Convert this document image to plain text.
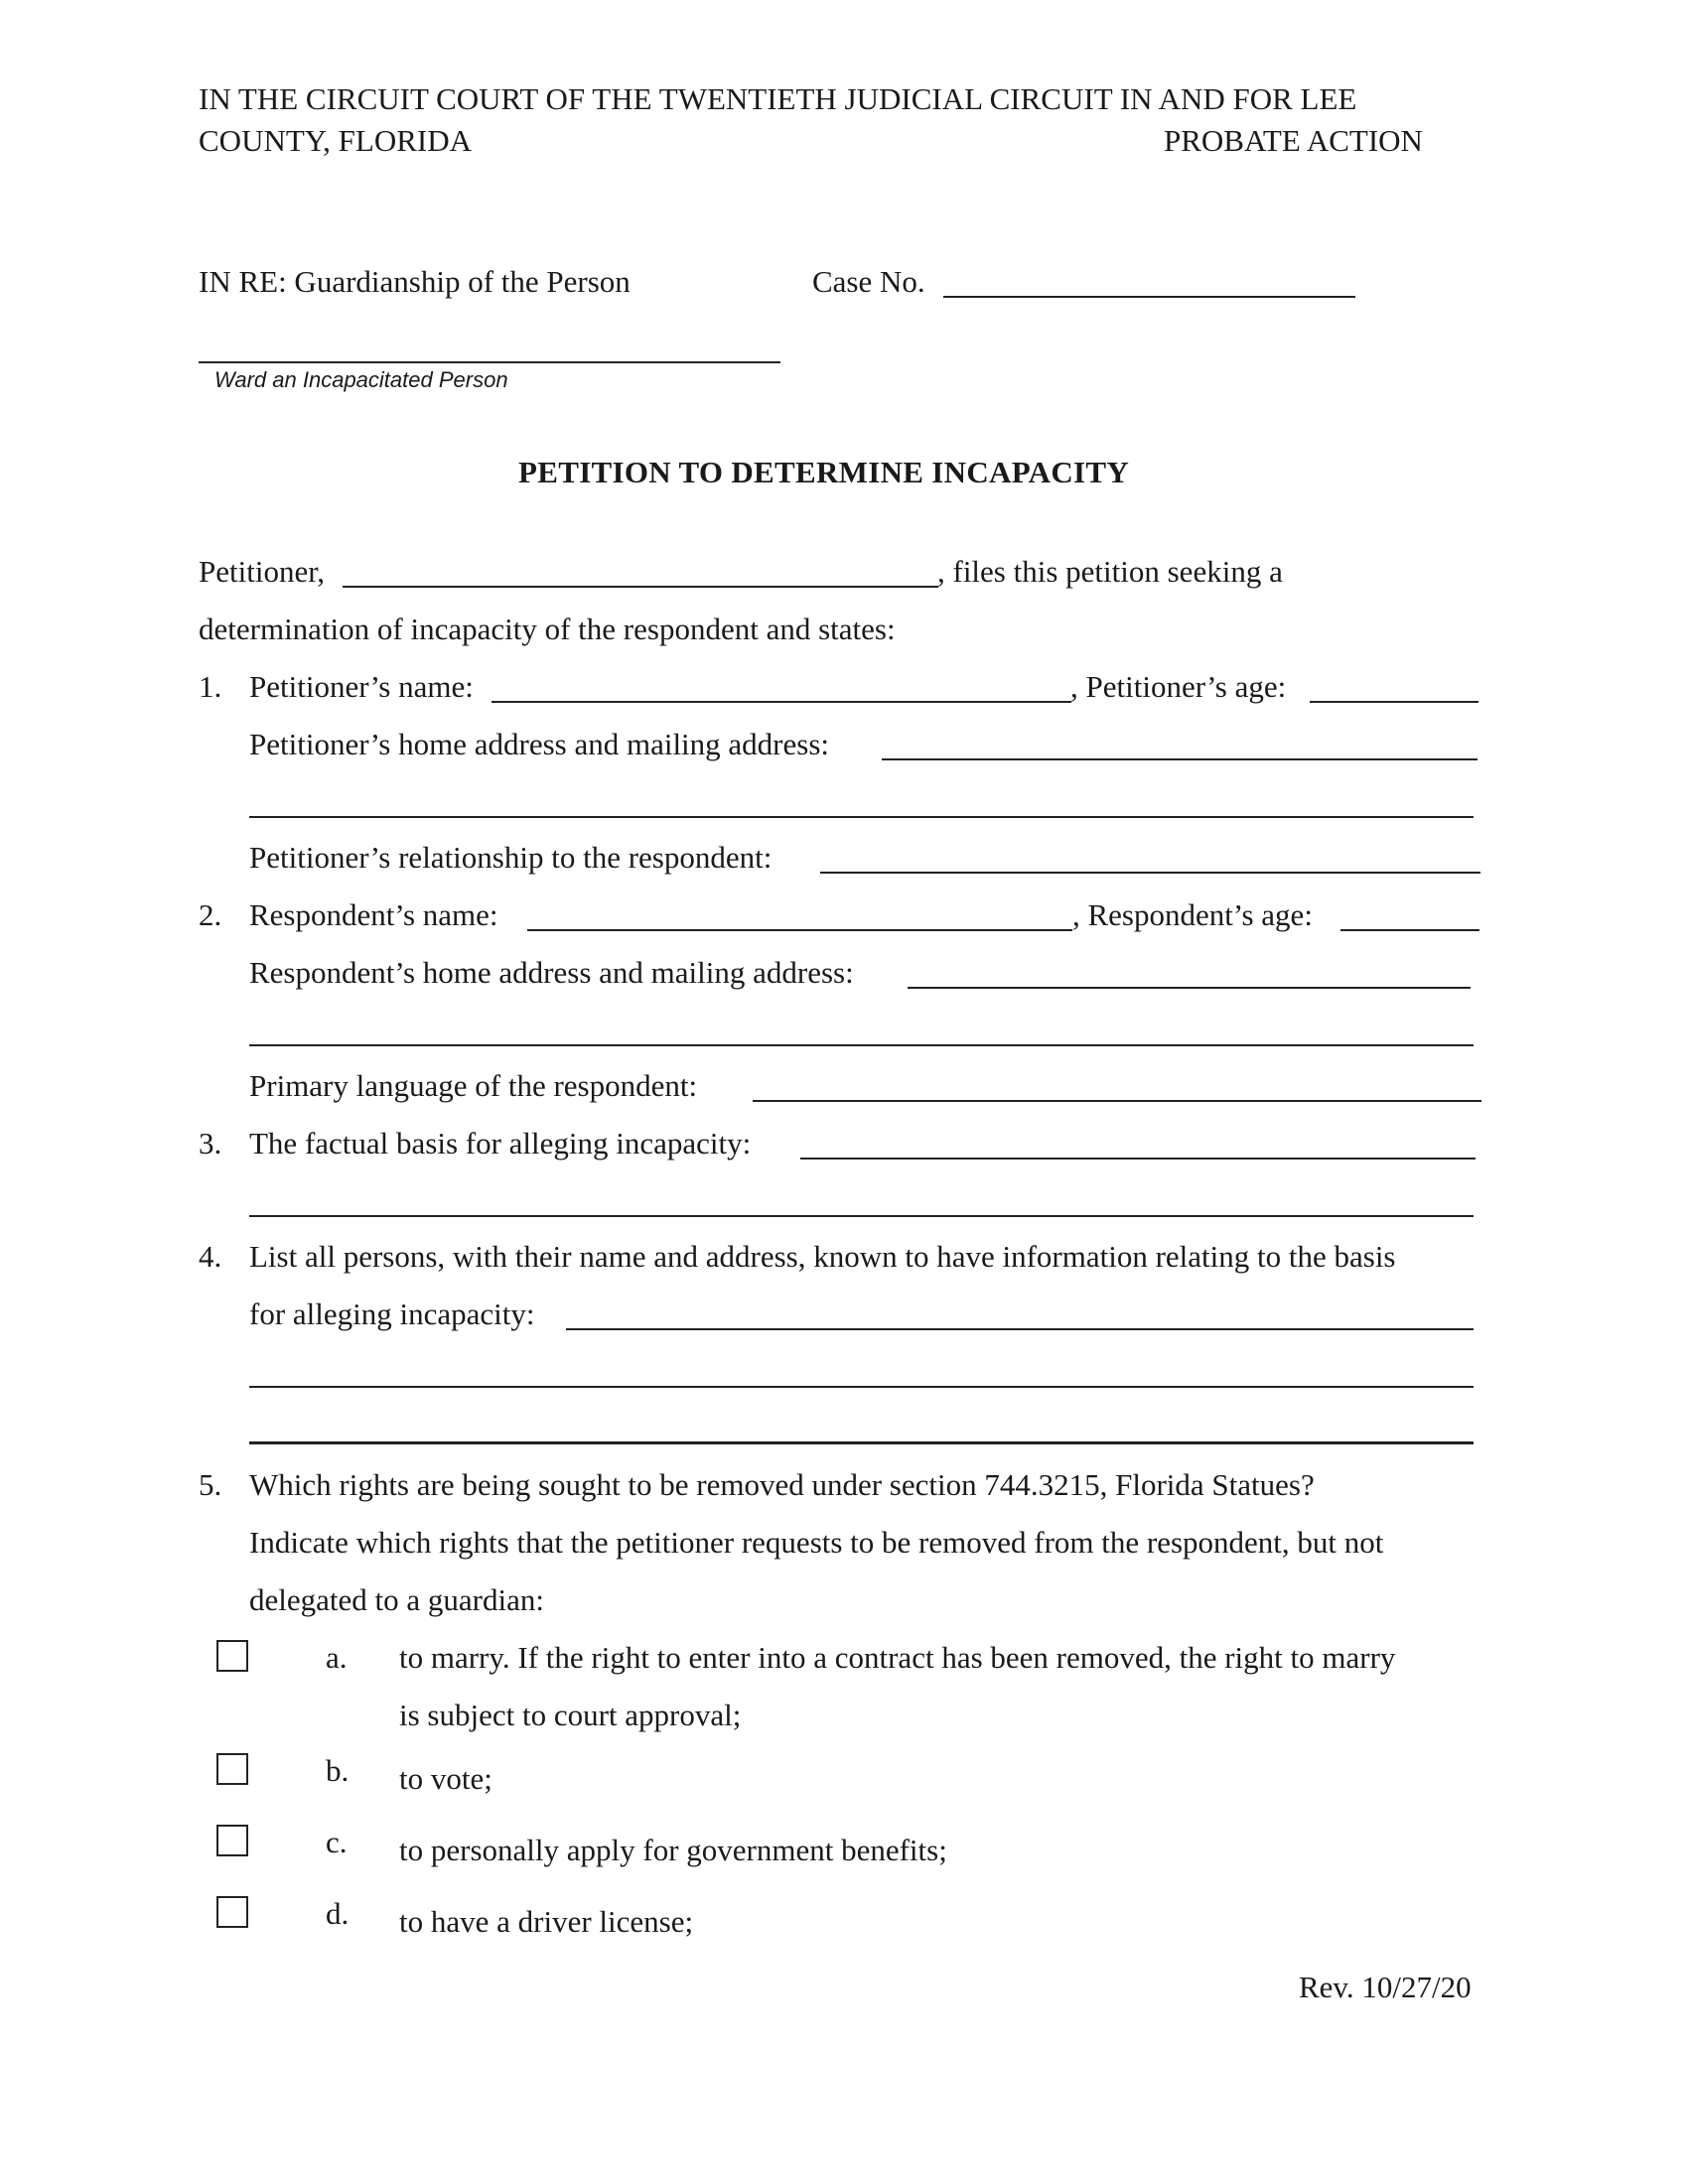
IN THE CIRCUIT COURT OF THE TWENTIETH JUDICIAL CIRCUIT IN AND FOR LEE
COUNTY, FLORIDA	PROBATE ACTION
IN RE: Guardianship of the Person	Case No.
Ward an Incapacitated Person
PETITION TO DETERMINE INCAPACITY
Petitioner,	, files this petition seeking a
determination of incapacity of the respondent and states:
1. Petitioner’s name:	, Petitioner’s age:
Petitioner’s home address and mailing address:
Petitioner’s relationship to the respondent:
2. Respondent’s name:	, Respondent’s age:
Respondent’s home address and mailing address:
Primary language of the respondent:
3. The factual basis for alleging incapacity:
4. List all persons, with their name and address, known to have information relating to the basis
for alleging incapacity:
5. Which rights are being sought to be removed under section 744.3215, Florida Statues?
Indicate which rights that the petitioner requests to be removed from the respondent, but not
delegated to a guardian:
a. to marry. If the right to enter into a contract has been removed, the right to marry
is subject to court approval;
b. to vote;
c. to personally apply for government benefits;
d. to have a driver license;
Rev. 10/27/20
